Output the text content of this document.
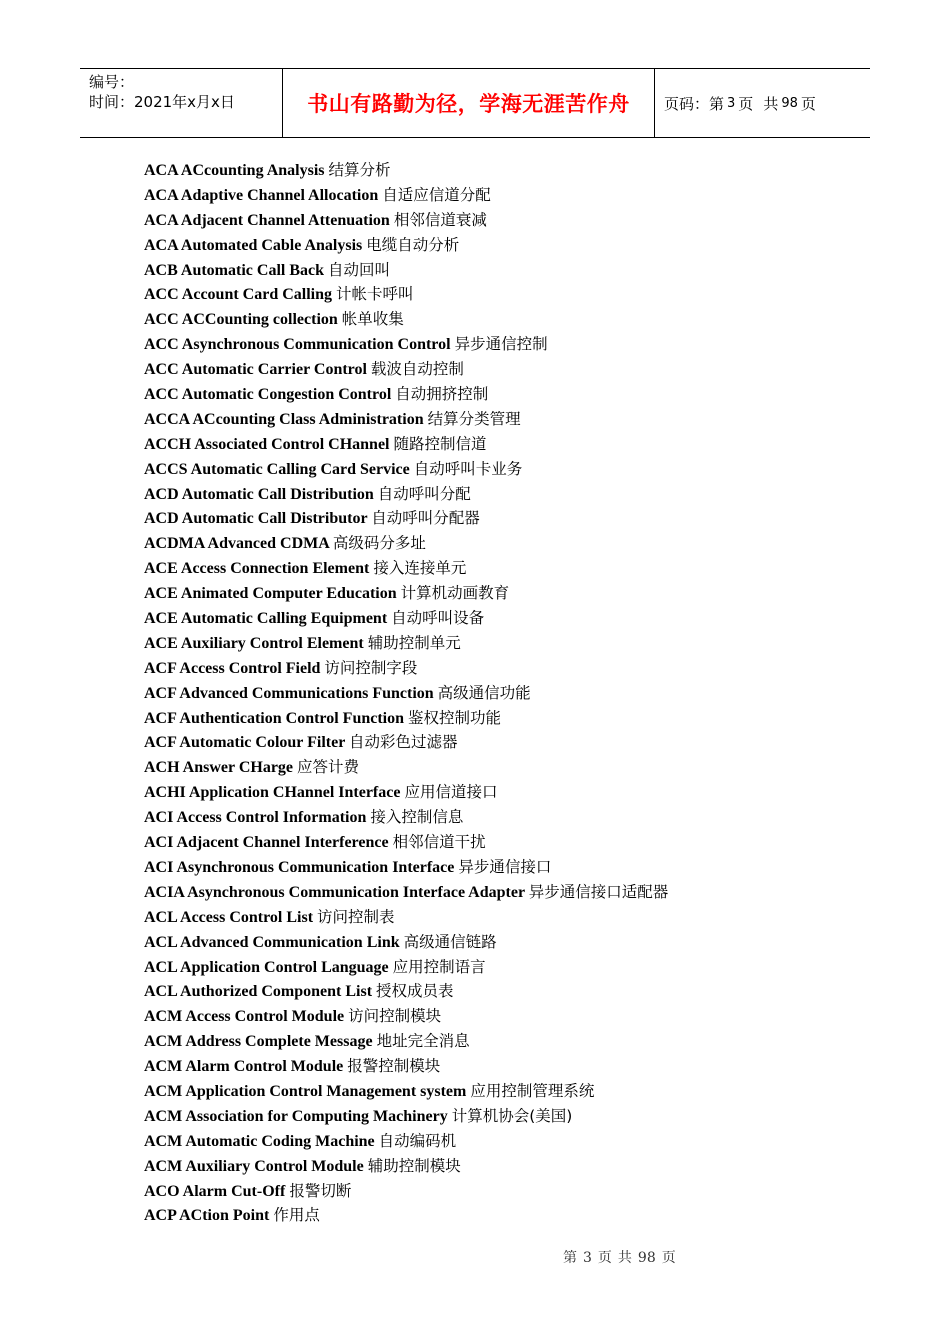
编号：
时间：2021年x月x日	书山有路勤为径，学海无涯苦作舟	页码：第 3 页 共 98 页
ACA ACcounting Analysis 结算分析
ACA Adaptive Channel Allocation 自适应信道分配
ACA Adjacent Channel Attenuation 相邻信道衰减
ACA Automated Cable Analysis 电缆自动分析
ACB Automatic Call Back 自动回叫
ACC Account Card Calling 计帐卡呼叫
ACC ACCounting collection 帐单收集
ACC Asynchronous Communication Control 异步通信控制
ACC Automatic Carrier Control 载波自动控制
ACC Automatic Congestion Control 自动拥挤控制
ACCA ACcounting Class Administration 结算分类管理
ACCH Associated Control CHannel 随路控制信道
ACCS Automatic Calling Card Service 自动呼叫卡业务
ACD Automatic Call Distribution 自动呼叫分配
ACD Automatic Call Distributor 自动呼叫分配器
ACDMA Advanced CDMA 高级码分多址
ACE Access Connection Element 接入连接单元
ACE Animated Computer Education 计算机动画教育
ACE Automatic Calling Equipment 自动呼叫设备
ACE Auxiliary Control Element 辅助控制单元
ACF Access Control Field 访问控制字段
ACF Advanced Communications Function 高级通信功能
ACF Authentication Control Function 鉴权控制功能
ACF Automatic Colour Filter 自动彩色过滤器
ACH Answer CHarge 应答计费
ACHI Application CHannel Interface 应用信道接口
ACI Access Control Information 接入控制信息
ACI Adjacent Channel Interference 相邻信道干扰
ACI Asynchronous Communication Interface 异步通信接口
ACIA Asynchronous Communication Interface Adapter 异步通信接口适配器
ACL Access Control List 访问控制表
ACL Advanced Communication Link 高级通信链路
ACL Application Control Language 应用控制语言
ACL Authorized Component List 授权成员表
ACM Access Control Module 访问控制模块
ACM Address Complete Message 地址完全消息
ACM Alarm Control Module 报警控制模块
ACM Application Control Management system 应用控制管理系统
ACM Association for Computing Machinery 计算机协会(美国)
ACM Automatic Coding Machine 自动编码机
ACM Auxiliary Control Module 辅助控制模块
ACO Alarm Cut-Off 报警切断
ACP ACtion Point 作用点
第 3 页 共 98 页
